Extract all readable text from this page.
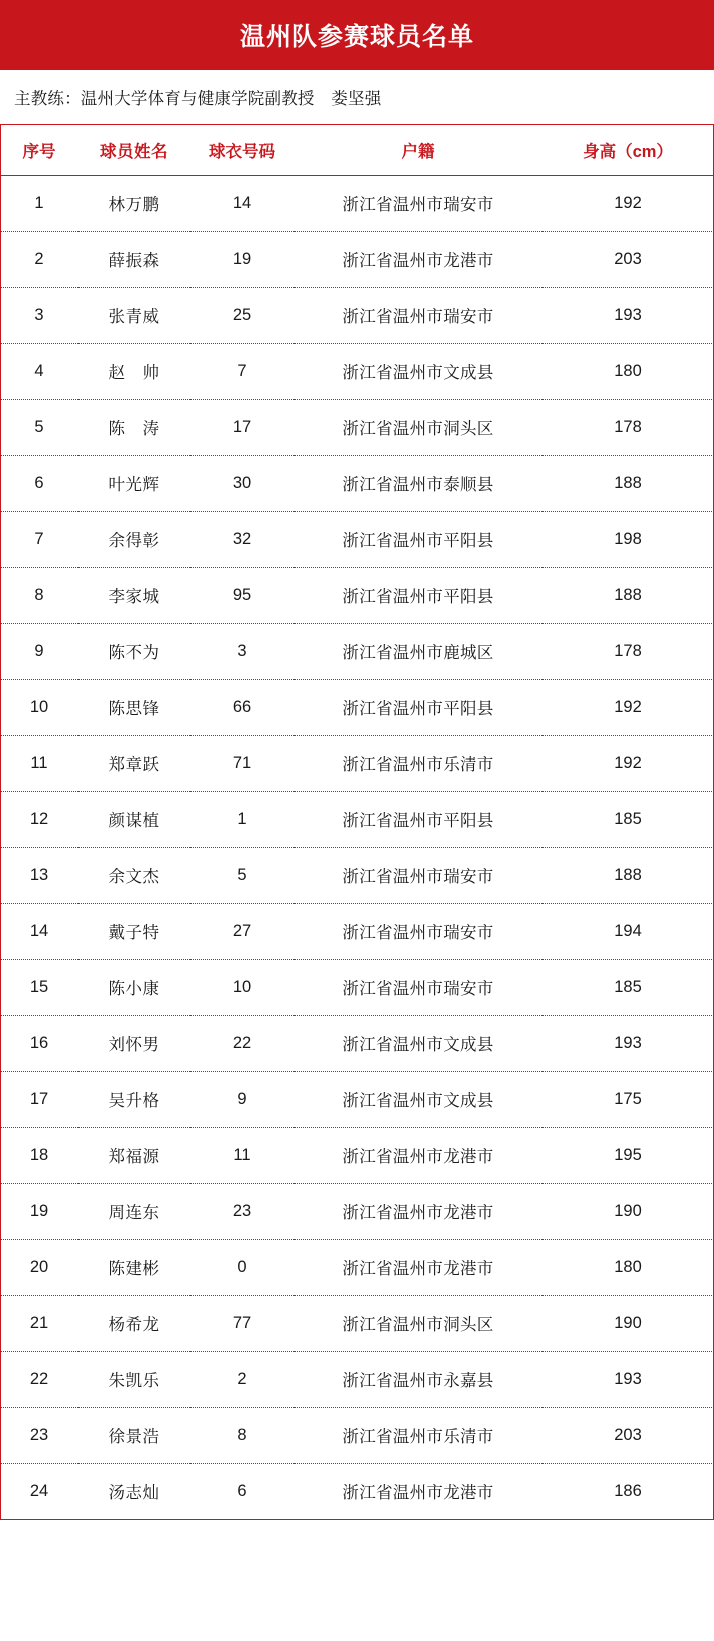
温州队参赛球员名单
主教练：温州大学体育与健康学院副教授　娄坚强
序号	球员姓名	球衣号码	户籍	身高（cm）
1	林万鹏	14	浙江省温州市瑞安市	192
2	薛振森	19	浙江省温州市龙港市	203
3	张青威	25	浙江省温州市瑞安市	193
4	赵　帅	7	浙江省温州市文成县	180
5	陈　涛	17	浙江省温州市洞头区	178
6	叶光辉	30	浙江省温州市泰顺县	188
7	余得彰	32	浙江省温州市平阳县	198
8	李家城	95	浙江省温州市平阳县	188
9	陈不为	3	浙江省温州市鹿城区	178
10	陈思锋	66	浙江省温州市平阳县	192
11	郑章跃	71	浙江省温州市乐清市	192
12	颜谋植	1	浙江省温州市平阳县	185
13	余文杰	5	浙江省温州市瑞安市	188
14	戴子特	27	浙江省温州市瑞安市	194
15	陈小康	10	浙江省温州市瑞安市	185
16	刘怀男	22	浙江省温州市文成县	193
17	吴升格	9	浙江省温州市文成县	175
18	郑福源	11	浙江省温州市龙港市	195
19	周连东	23	浙江省温州市龙港市	190
20	陈建彬	0	浙江省温州市龙港市	180
21	杨希龙	77	浙江省温州市洞头区	190
22	朱凯乐	2	浙江省温州市永嘉县	193
23	徐景浩	8	浙江省温州市乐清市	203
24	汤志灿	6	浙江省温州市龙港市	186
